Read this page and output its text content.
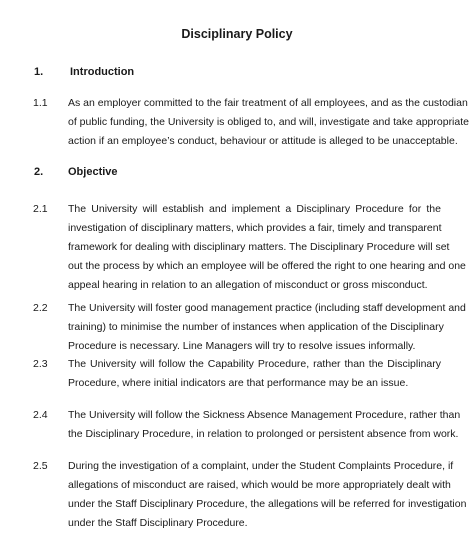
Disciplinary Policy
1. Introduction
1.1 As an employer committed to the fair treatment of all employees, and as the custodian
of public funding, the University is obliged to, and will, investigate and take appropriate
action if an employee’s conduct, behaviour or attitude is alleged to be unacceptable.
2. Objective
2.1 The University will establish and implement a Disciplinary Procedure for the
investigation of disciplinary matters, which provides a fair, timely and transparent
framework for dealing with disciplinary matters. The Disciplinary Procedure will set
out the process by which an employee will be offered the right to one hearing and one
appeal hearing in relation to an allegation of misconduct or gross misconduct.
2.2 The University will foster good management practice (including staff development and
training) to minimise the number of instances when application of the Disciplinary
Procedure is necessary. Line Managers will try to resolve issues informally.
2.3 The University will follow the Capability Procedure, rather than the Disciplinary
Procedure, where initial indicators are that performance may be an issue.
2.4 The University will follow the Sickness Absence Management Procedure, rather than
the Disciplinary Procedure, in relation to prolonged or persistent absence from work.
2.5 During the investigation of a complaint, under the Student Complaints Procedure, if
allegations of misconduct are raised, which would be more appropriately dealt with
under the Staff Disciplinary Procedure, the allegations will be referred for investigation
under the Staff Disciplinary Procedure.
